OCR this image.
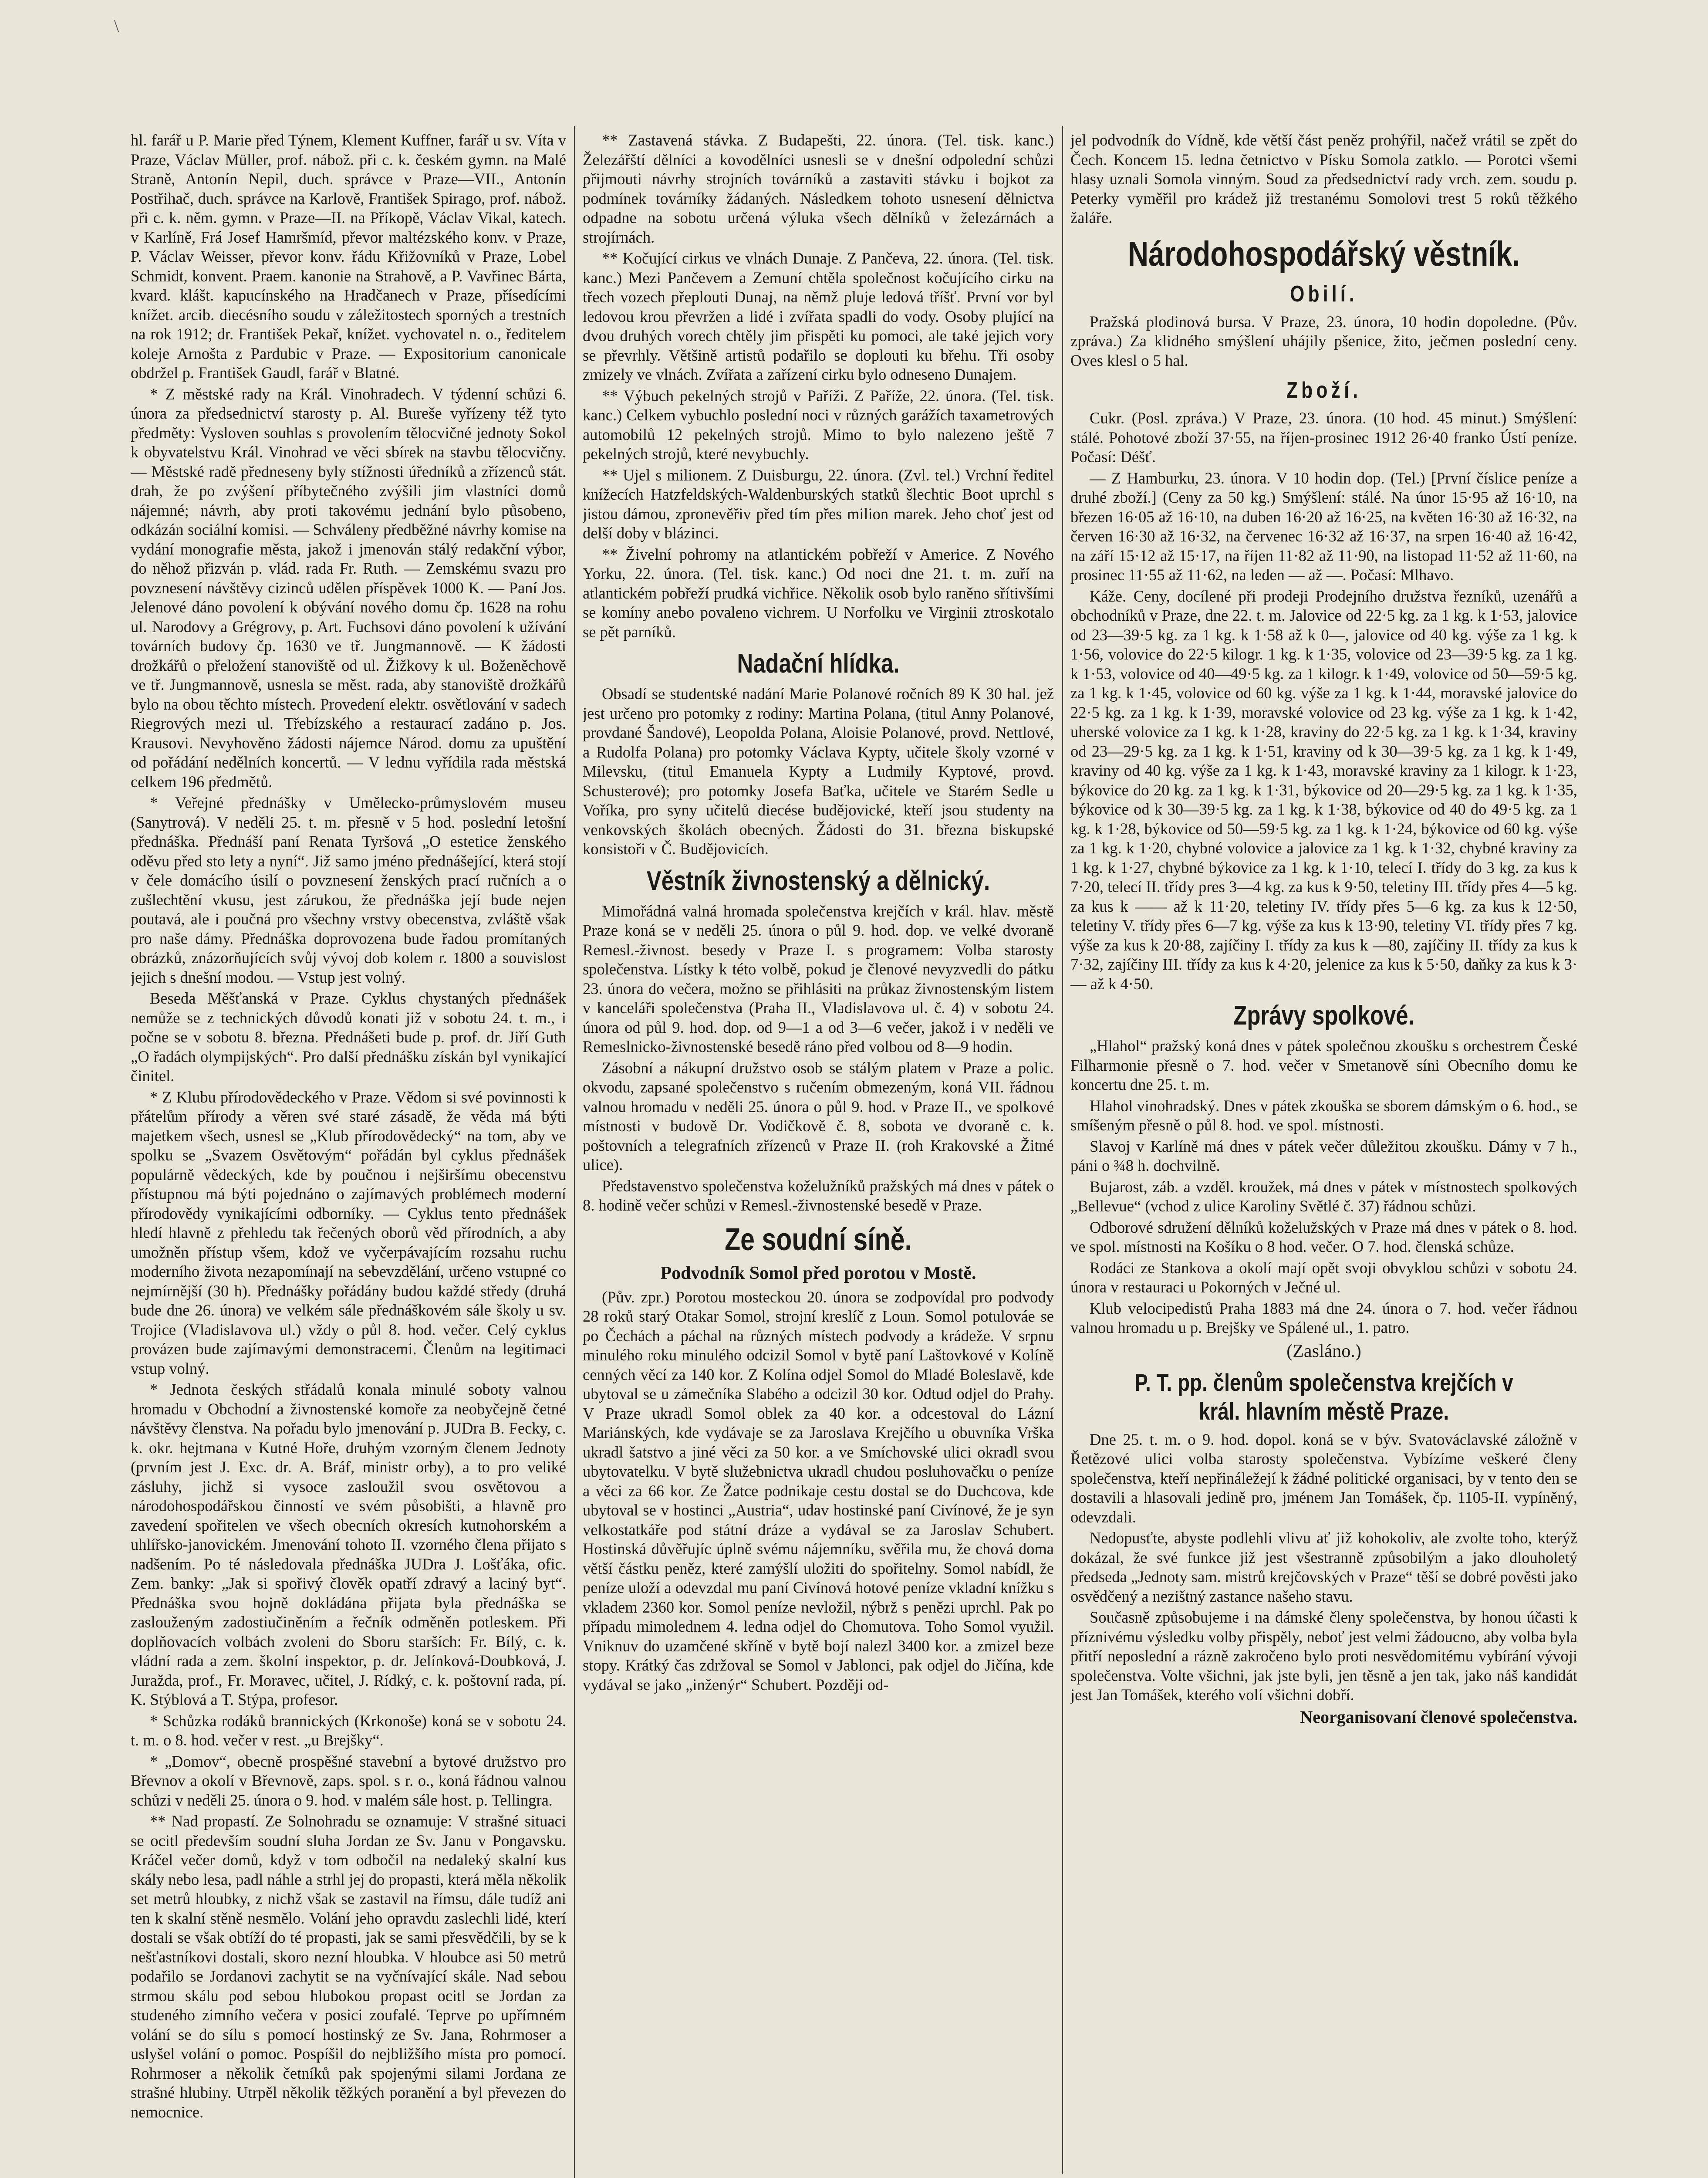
\

hl. farář u P. Marie před Týnem, Klement Kuffner, farář u sv. Víta v Praze, Václav Müller, prof. nábož. při c. k. českém gymn. na Malé Straně, Antonín Nepil, duch. správce v Praze—VII., Antonín Postřihač, duch. správce na Karlově, František Spirago, prof. nábož. při c. k. něm. gymn. v Praze—II. na Příkopě, Václav Vikal, katech. v Karlíně, Frá Josef Hamršmíd, převor maltézského konv. v Praze, P. Václav Weisser, převor konv. řádu Křižovníků v Praze, Lobel Schmidt, konvent. Praem. kanonie na Strahově, a P. Vavřinec Bárta, kvard. klášt. kapucínského na Hradčanech v Praze, přísedícími knížet. arcib. diecésního soudu v záležitostech sporných a trestních na rok 1912; dr. František Pekař, knížet. vychovatel n. o., ředitelem koleje Arnošta z Pardubic v Praze. — Expositorium canonicale obdržel p. František Gaudl, farář v Blatné.

* Z městské rady na Král. Vinohradech. V týdenní schůzi 6. února za předsednictví starosty p. Al. Bureše vyřízeny též tyto předměty: Vysloven souhlas s provolením tělocvičné jednoty Sokol k obyvatelstvu Král. Vinohrad ve věci sbírek na stavbu tělocvičny. — Městské radě předneseny byly stížnosti úředníků a zřízenců stát. drah, že po zvýšení příbytečného zvýšili jim vlastníci domů nájemné; návrh, aby proti takovému jednání bylo působeno, odkázán sociální komisi. — Schváleny předběžné návrhy komise na vydání monografie města, jakož i jmenován stálý redakční výbor, do něhož přizván p. vlád. rada Fr. Ruth. — Zemskému svazu pro povznesení návštěvy cizinců udělen příspěvek 1000 K. — Paní Jos. Jelenové dáno povolení k obývání nového domu čp. 1628 na rohu ul. Narodovy a Grégrovy, p. Art. Fuchsovi dáno povolení k užívání továrních budovy čp. 1630 ve tř. Jungmannově. — K žádosti drožkářů o přeložení stanoviště od ul. Žižkovy k ul. Boženěchově ve tř. Jungmannově, usnesla se měst. rada, aby stanoviště drožkářů bylo na obou těchto místech. Provedení elektr. osvětlování v sadech Riegrových mezi ul. Třebízského a restaurací zadáno p. Jos. Krausovi. Nevyhověno žádosti nájemce Národ. domu za upuštění od pořádání nedělních koncertů. — V lednu vyřídila rada městská celkem 196 předmětů.

* Veřejné přednášky v Umělecko-průmyslovém museu (Sanytrová). V neděli 25. t. m. přesně v 5 hod. poslední letošní přednáška. Přednáší paní Renata Tyršová „O estetice ženského oděvu před sto lety a nyní“. Již samo jméno přednášející, která stojí v čele domácího úsilí o povznesení ženských prací ručních a o zušlechtění vkusu, jest zárukou, že přednáška její bude nejen poutavá, ale i poučná pro všechny vrstvy obecenstva, zvláště však pro naše dámy. Přednáška doprovozena bude řadou promítaných obrázků, znázorňujících svůj vývoj dob kolem r. 1800 a souvislost jejich s dnešní modou. — Vstup jest volný.

Beseda Měšťanská v Praze. Cyklus chystaných přednášek nemůže se z technických důvodů konati již v sobotu 24. t. m., i počne se v sobotu 8. března. Přednášeti bude p. prof. dr. Jiří Guth „O řadách olympijských“. Pro další přednášku získán byl vynikající činitel.

* Z Klubu přírodovědeckého v Praze. Vědom si své povinnosti k přátelům přírody a věren své staré zásadě, že věda má býti majetkem všech, usnesl se „Klub přírodovědecký“ na tom, aby ve spolku se „Svazem Osvětovým“ pořádán byl cyklus přednášek populárně vědeckých, kde by poučnou i nejširšímu obecenstvu přístupnou má býti pojednáno o zajímavých problémech moderní přírodovědy vynikajícími odborníky. — Cyklus tento přednášek hledí hlavně z přehledu tak řečených oborů věd přírodních, a aby umožněn přístup všem, kdož ve vyčerpávajícím rozsahu ruchu moderního života nezapomínají na sebevzdělání, určeno vstupné co nejmírnější (30 h). Přednášky pořádány budou každé středy (druhá bude dne 26. února) ve velkém sále přednáškovém sále školy u sv. Trojice (Vladislavova ul.) vždy o půl 8. hod. večer. Celý cyklus provázen bude zajímavými demonstracemi. Členům na legitimaci vstup volný.

* Jednota českých střádalů konala minulé soboty valnou hromadu v Obchodní a živnostenské komoře za neobyčejně četné návštěvy členstva. Na pořadu bylo jmenování p. JUDra B. Fecky, c. k. okr. hejtmana v Kutné Hoře, druhým vzorným členem Jednoty (prvním jest J. Exc. dr. A. Bráf, ministr orby), a to pro veliké zásluhy, jichž si vysoce zasloužil svou osvětovou a národohospodářskou činností ve svém působišti, a hlavně pro zavedení spořitelen ve všech obecních okresích kutnohorském a uhlířsko-janovickém. Jmenování tohoto II. vzorného člena přijato s nadšením. Po té následovala přednáška JUDra J. Lošťáka, ofic. Zem. banky: „Jak si spořivý člověk opatří zdravý a laciný byt“. Přednáška svou hojně dokládána přijata byla přednáška se zaslouženým zadostiučiněním a řečník odměněn potleskem. Při doplňovacích volbách zvoleni do Sboru starších: Fr. Bílý, c. k. vládní rada a zem. školní inspektor, p. dr. Jelínková-Doubková, J. Juražda, prof., Fr. Moravec, učitel, J. Rídký, c. k. poštovní rada, pí. K. Stýblová a T. Stýpa, profesor.

* Schůzka rodáků brannických (Krkonoše) koná se v sobotu 24. t. m. o 8. hod. večer v rest. „u Brejšky“.

* „Domov“, obecně prospěšné stavební a bytové družstvo pro Břevnov a okolí v Břevnově, zaps. spol. s r. o., koná řádnou valnou schůzi v neděli 25. února o 9. hod. v malém sále host. p. Tellingra.

** Nad propastí. Ze Solnohradu se oznamuje: V strašné situaci se ocitl především soudní sluha Jordan ze Sv. Janu v Pongavsku. Kráčel večer domů, když v tom odbočil na nedaleký skalní kus skály nebo lesa, padl náhle a strhl jej do propasti, která měla několik set metrů hloubky, z nichž však se zastavil na římsu, dále tudíž ani ten k skalní stěně nesmělo. Volání jeho opravdu zaslechli lidé, kterí dostali se však obtíží do té propasti, jak se sami přesvědčili, by se k nešťastníkovi dostali, skoro nezní hloubka. V hloubce asi 50 metrů podařilo se Jordanovi zachytit se na vyčnívající skále. Nad sebou strmou skálu pod sebou hlubokou propast ocitl se Jordan za studeného zimního večera v posici zoufalé. Teprve po upřímném volání se do sílu s pomocí hostinský ze Sv. Jana, Rohrmoser a uslyšel volání o pomoc. Pospíšil do nejbližšího místa pro pomocí. Rohrmoser a několik četníků pak spojenými silami Jordana ze strašné hlubiny. Utrpěl několik těžkých poranění a byl převezen do nemocnice.

** Zastavená stávka. Z Budapešti, 22. února. (Tel. tisk. kanc.) Železářští dělníci a kovodělníci usnesli se v dnešní odpolední schůzi přijmouti návrhy strojních továrníků a zastaviti stávku i bojkot za podmínek továrníky žádaných. Následkem tohoto usnesení dělnictva odpadne na sobotu určená výluka všech dělníků v železárnách a strojírnách.

** Kočující cirkus ve vlnách Dunaje. Z Pančeva, 22. února. (Tel. tisk. kanc.) Mezi Pančevem a Zemuní chtěla společnost kočujícího cirku na třech vozech přeplouti Dunaj, na němž pluje ledová tříšť. První vor byl ledovou krou převržen a lidé i zvířata spadli do vody. Osoby plující na dvou druhých vorech chtěly jim přispěti ku pomoci, ale také jejich vory se převrhly. Většině artistů podařilo se doplouti ku břehu. Tři osoby zmizely ve vlnách. Zvířata a zařízení cirku bylo odneseno Dunajem.

** Výbuch pekelných strojů v Paříži. Z Paříže, 22. února. (Tel. tisk. kanc.) Celkem vybuchlo poslední noci v různých garážích taxametrových automobilů 12 pekelných strojů. Mimo to bylo nalezeno ještě 7 pekelných strojů, které nevybuchly.

** Ujel s milionem. Z Duisburgu, 22. února. (Zvl. tel.) Vrchní ředitel knížecích Hatzfeldských-Waldenburských statků šlechtic Boot uprchl s jistou dámou, zpronevěřiv před tím přes milion marek. Jeho choť jest od delší doby v blázinci.

** Živelní pohromy na atlantickém pobřeží v Americe. Z Nového Yorku, 22. února. (Tel. tisk. kanc.) Od noci dne 21. t. m. zuří na atlantickém pobřeží prudká vichřice. Několik osob bylo raněno sřítivšími se komíny anebo povaleno vichrem. U Norfolku ve Virginii ztroskotalo se pět parníků.

Nadační hlídka.

Obsadí se studentské nadání Marie Polanové ročních 89 K 30 hal. jež jest určeno pro potomky z rodiny: Martina Polana, (titul Anny Polanové, provdané Šandové), Leopolda Polana, Aloisie Polanové, provd. Nettlové, a Rudolfa Polana) pro potomky Václava Kypty, učitele školy vzorné v Milevsku, (titul Emanuela Kypty a Ludmily Kyptové, provd. Schusterové); pro potomky Josefa Baťka, učitele ve Starém Sedle u Voříka, pro syny učitelů diecése budějovické, kteří jsou studenty na venkovských školách obecných. Žádosti do 31. března biskupské konsistoři v Č. Budějovicích.

Věstník živnostenský a dělnický.

Mimořádná valná hromada společenstva krejčích v král. hlav. městě Praze koná se v neděli 25. února o půl 9. hod. dop. ve velké dvoraně Remesl.-živnost. besedy v Praze I. s programem: Volba starosty společenstva. Lístky k této volbě, pokud je členové nevyzvedli do pátku 23. února do večera, možno se přihlásiti na průkaz živnostenským listem v kanceláři společenstva (Praha II., Vladislavova ul. č. 4) v sobotu 24. února od půl 9. hod. dop. od 9—1 a od 3—6 večer, jakož i v neděli ve Remeslnicko-živnostenské besedě ráno před volbou od 8—9 hodin.

Zásobní a nákupní družstvo osob se stálým platem v Praze a polic. okvodu, zapsané společenstvo s ručením obmezeným, koná VII. řádnou valnou hromadu v neděli 25. února o půl 9. hod. v Praze II., ve spolkové místnosti v budově Dr. Vodičkově č. 8, sobota ve dvoraně c. k. poštovních a telegrafních zřízenců v Praze II. (roh Krakovské a Žitné ulice).

Představenstvo společenstva koželužníků pražských má dnes v pátek o 8. hodině večer schůzi v Remesl.-živnostenské besedě v Praze.

Ze soudní síně.
Podvodník Somol před porotou v Mostě.

(Pův. zpr.) Porotou mosteckou 20. února se zodpovídal pro podvody 28 roků starý Otakar Somol, strojní kreslíč z Loun. Somol potulováe se po Čechách a páchal na různých místech podvody a krádeže. V srpnu minulého roku minulého odcizil Somol v bytě paní Laštovkové v Kolíně cenných věcí za 140 kor. Z Kolína odjel Somol do Mladé Boleslavě, kde ubytoval se u zámečníka Slabého a odcizil 30 kor. Odtud odjel do Prahy. V Praze ukradl Somol oblek za 40 kor. a odcestoval do Lázní Mariánských, kde vydávaje se za Jaroslava Krejčího u obuvníka Vrška ukradl šatstvo a jiné věci za 50 kor. a ve Smíchovské ulici okradl svou ubytovatelku. V bytě služebnictva ukradl chudou posluhovačku o peníze a věci za 66 kor. Ze Žatce podnikaje cestu dostal se do Duchcova, kde ubytoval se v hostinci „Austria“, udav hostinské paní Civínové, že je syn velkostatkáře pod státní dráze a vydával se za Jaroslav Schubert. Hostinská důvěřujíc úplně svému nájemníku, svěřila mu, že chová doma větší částku peněz, které zamýšlí uložiti do spořitelny. Somol nabídl, že peníze uloží a odevzdal mu paní Civínová hotové peníze vkladní knížku s vkladem 2360 kor. Somol peníze nevložil, nýbrž s penězi uprchl. Pak po případu mimolednem 4. ledna odjel do Chomutova. Toho Somol využil. Vniknuv do uzamčené skříně v bytě bojí nalezl 3400 kor. a zmizel beze stopy. Krátký čas zdržoval se Somol v Jablonci, pak odjel do Jičína, kde vydával se jako „inženýr“ Schubert. Později od-

jel podvodník do Vídně, kde větší část peněz prohýřil, načež vrátil se zpět do Čech. Koncem 15. ledna četnictvo v Písku Somola zatklo. — Porotci všemi hlasy uznali Somola vinným. Soud za předsednictví rady vrch. zem. soudu p. Peterky vyměřil pro krádež již trestanému Somolovi trest 5 roků těžkého žaláře.

Národohospodářský věstník.
Obilí.

Pražská plodinová bursa. V Praze, 23. února, 10 hodin dopoledne. (Pův. zpráva.) Za klidného smýšlení uhájily pšenice, žito, ječmen poslední ceny. Oves klesl o 5 hal.

Zboží.

Cukr. (Posl. zpráva.) V Praze, 23. února. (10 hod. 45 minut.) Smýšlení: stálé. Pohotové zboží 37·55, na říjen-prosinec 1912 26·40 franko Ústí peníze. Počasí: Déšť.

— Z Hamburku, 23. února. V 10 hodin dop. (Tel.) [První číslice peníze a druhé zboží.] (Ceny za 50 kg.) Smýšlení: stálé. Na únor 15·95 až 16·10, na březen 16·05 až 16·10, na duben 16·20 až 16·25, na květen 16·30 až 16·32, na červen 16·30 až 16·32, na červenec 16·32 až 16·37, na srpen 16·40 až 16·42, na září 15·12 až 15·17, na říjen 11·82 až 11·90, na listopad 11·52 až 11·60, na prosinec 11·55 až 11·62, na leden — až —. Počasí: Mlhavo.

Káže. Ceny, docílené při prodeji Prodejního družstva řezníků, uzenářů a obchodníků v Praze, dne 22. t. m. Jalovice od 22·5 kg. za 1 kg. k 1·53, jalovice od 23—39·5 kg. za 1 kg. k 1·58 až k 0—, jalovice od 40 kg. výše za 1 kg. k 1·56, volovice do 22·5 kilogr. 1 kg. k 1·35, volovice od 23—39·5 kg. za 1 kg. k 1·53, volovice od 40—49·5 kg. za 1 kilogr. k 1·49, volovice od 50—59·5 kg. za 1 kg. k 1·45, volovice od 60 kg. výše za 1 kg. k 1·44, moravské jalovice do 22·5 kg. za 1 kg. k 1·39, moravské volovice od 23 kg. výše za 1 kg. k 1·42, uherské volovice za 1 kg. k 1·28, kraviny do 22·5 kg. za 1 kg. k 1·34, kraviny od 23—29·5 kg. za 1 kg. k 1·51, kraviny od k 30—39·5 kg. za 1 kg. k 1·49, kraviny od 40 kg. výše za 1 kg. k 1·43, moravské kraviny za 1 kilogr. k 1·23, býkovice do 20 kg. za 1 kg. k 1·31, býkovice od 20—29·5 kg. za 1 kg. k 1·35, býkovice od k 30—39·5 kg. za 1 kg. k 1·38, býkovice od 40 do 49·5 kg. za 1 kg. k 1·28, býkovice od 50—59·5 kg. za 1 kg. k 1·24, býkovice od 60 kg. výše za 1 kg. k 1·20, chybné volovice a jalovice za 1 kg. k 1·32, chybné kraviny za 1 kg. k 1·27, chybné býkovice za 1 kg. k 1·10, telecí I. třídy do 3 kg. za kus k 7·20, telecí II. třídy pres 3—4 kg. za kus k 9·50, teletiny III. třídy přes 4—5 kg. za kus k —— až k 11·20, teletiny IV. třídy přes 5—6 kg. za kus k 12·50, teletiny V. třídy přes 6—7 kg. výše za kus k 13·90, teletiny VI. třídy přes 7 kg. výše za kus k 20·88, zajíčiny I. třídy za kus k —80, zajíčiny II. třídy za kus k 7·32, zajíčiny III. třídy za kus k 4·20, jelenice za kus k 5·50, daňky za kus k 3·— až k 4·50.

Zprávy spolkové.

„Hlahol“ pražský koná dnes v pátek společnou zkoušku s orchestrem České Filharmonie přesně o 7. hod. večer v Smetanově síni Obecního domu ke koncertu dne 25. t. m.

Hlahol vinohradský. Dnes v pátek zkouška se sborem dámským o 6. hod., se smíšeným přesně o půl 8. hod. ve spol. místnosti.

Slavoj v Karlíně má dnes v pátek večer důležitou zkoušku. Dámy v 7 h., páni o ¾8 h. dochvilně.

Bujarost, záb. a vzděl. kroužek, má dnes v pátek v místnostech spolkových „Bellevue“ (vchod z ulice Karoliny Světlé č. 37) řádnou schůzi.

Odborové sdružení dělníků koželužských v Praze má dnes v pátek o 8. hod. ve spol. místnosti na Košíku o 8 hod. večer. O 7. hod. členská schůze.

Rodáci ze Stankova a okolí mají opět svoji obvyklou schůzi v sobotu 24. února v restauraci u Pokorných v Ječné ul.

Klub velocipedistů Praha 1883 má dne 24. února o 7. hod. večer řádnou valnou hromadu u p. Brejšky ve Spálené ul., 1. patro.

(Zasláno.)
P. T. pp. členům společenstva krejčích v král. hlavním městě Praze.

Dne 25. t. m. o 9. hod. dopol. koná se v býv. Svatováclavské záložně v Řetězové ulici volba starosty společenstva. Vybízíme veškeré členy společenstva, kteří nepřináležejí k žádné politické organisaci, by v tento den se dostavili a hlasovali jedině pro, jménem Jan Tomášek, čp. 1105-II. vypíněný, odevzdali.

Nedopusťte, abyste podlehli vlivu ať již kohokoliv, ale zvolte toho, kterýž dokázal, že své funkce již jest všestranně způsobilým a jako dlouholetý předseda „Jednoty sam. mistrů krejčovských v Praze“ těší se dobré pověsti jako osvědčený a nezištný zastance našeho stavu.

Současně způsobujeme i na dámské členy společenstva, by honou účasti k příznivému výsledku volby přispěly, neboť jest velmi žádoucno, aby volba byla přitří neposlední a rázně zakročeno bylo proti nesvědomitému vybírání vývoji společenstva. Volte všichni, jak jste byli, jen těsně a jen tak, jako náš kandidát jest Jan Tomášek, kterého volí všichni dobří.

Neorganisovaní členové společenstva.
